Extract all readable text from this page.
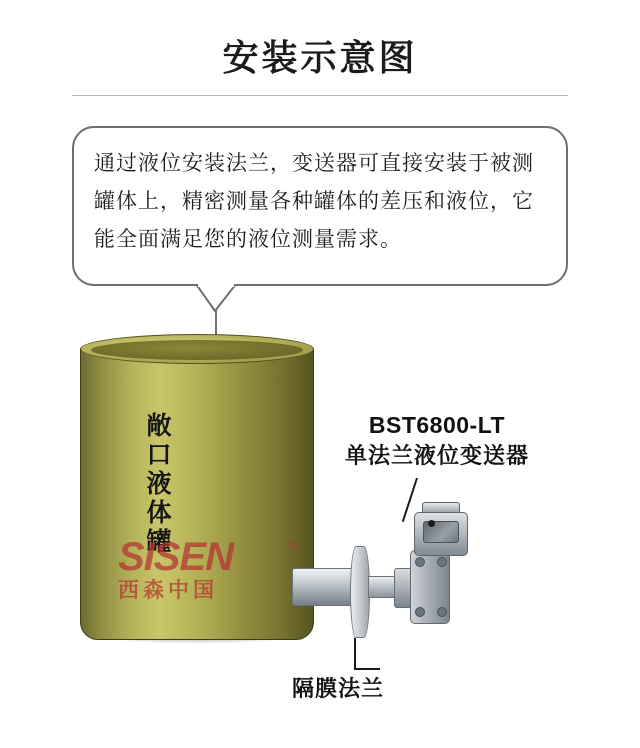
安装示意图
通过液位安装法兰，变送器可直接安装于被测罐体上，精密测量各种罐体的差压和液位，它能全面满足您的液位测量需求。
敞口液体罐
SISEN	®
西森中国
BST6800-LT
单法兰液位变送器
隔膜法兰
